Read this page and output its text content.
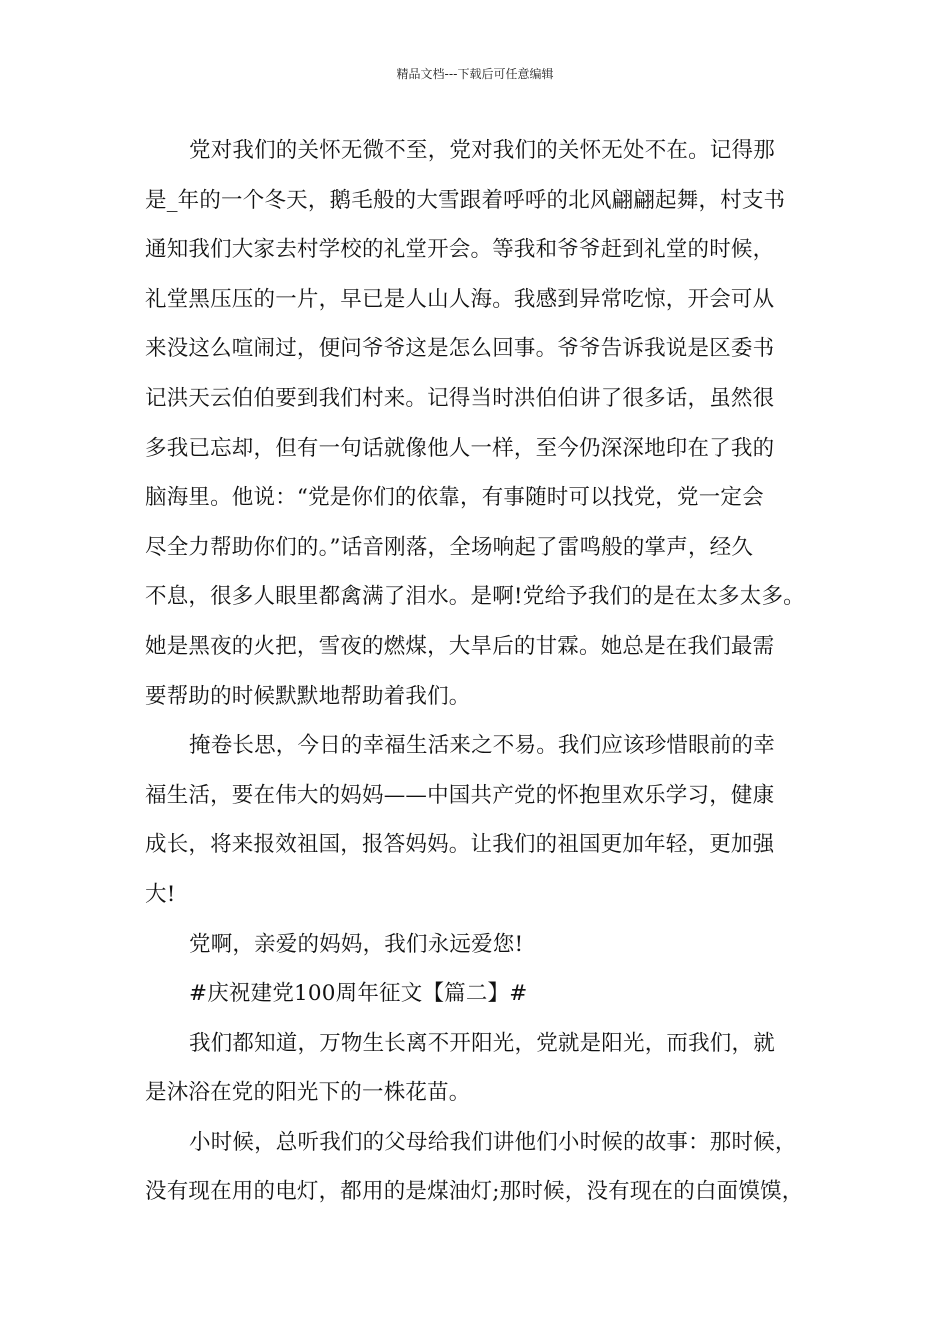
精品文档---下载后可任意编辑
党对我们的关怀无微不至，党对我们的关怀无处不在。记得那
是_年的一个冬天，鹅毛般的大雪跟着呼呼的北风翩翩起舞，村支书
通知我们大家去村学校的礼堂开会。等我和爷爷赶到礼堂的时候，
礼堂黑压压的一片，早已是人山人海。我感到异常吃惊，开会可从
来没这么喧闹过，便问爷爷这是怎么回事。爷爷告诉我说是区委书
记洪天云伯伯要到我们村来。记得当时洪伯伯讲了很多话，虽然很
多我已忘却，但有一句话就像他人一样，至今仍深深地印在了我的
脑海里。他说：“党是你们的依靠，有事随时可以找党，党一定会
尽全力帮助你们的。”话音刚落，全场响起了雷鸣般的掌声，经久
不息，很多人眼里都禽满了泪水。是啊!党给予我们的是在太多太多。
她是黑夜的火把，雪夜的燃煤，大旱后的甘霖。她总是在我们最需
要帮助的时候默默地帮助着我们。
掩卷长思，今日的幸福生活来之不易。我们应该珍惜眼前的幸
福生活，要在伟大的妈妈——中国共产党的怀抱里欢乐学习，健康
成长，将来报效祖国，报答妈妈。让我们的祖国更加年轻，更加强
大!
党啊，亲爱的妈妈，我们永远爱您!
#庆祝建党100周年征文【篇二】#
我们都知道，万物生长离不开阳光，党就是阳光，而我们，就
是沐浴在党的阳光下的一株花苗。
小时候，总听我们的父母给我们讲他们小时候的故事：那时候，
没有现在用的电灯，都用的是煤油灯;那时候，没有现在的白面馍馍，
